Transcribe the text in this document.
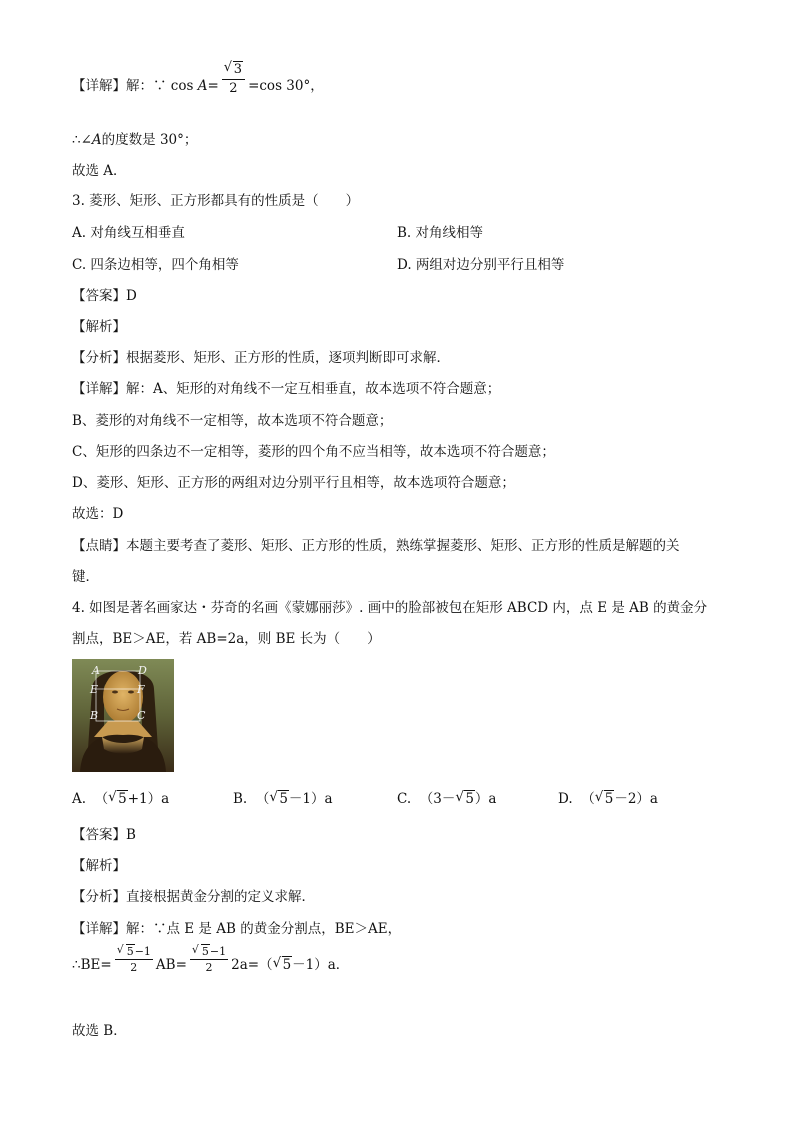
【详解】解：∵ $\cos A= \frac{√ 3}{2} =\cos$ 30°，
∴∠A的度数是 30°；
故选 A．
3. 菱形、矩形、正方形都具有的性质是（　　）
A. 对角线互相垂直	B. 对角线相等
C. 四条边相等，四个角相等	D. 两组对边分别平行且相等
【答案】D
【解析】
【分析】根据菱形、矩形、正方形的性质，逐项判断即可求解．
【详解】解：A、矩形的对角线不一定互相垂直，故本选项不符合题意；
B、菱形的对角线不一定相等，故本选项不符合题意；
C、矩形的四条边不一定相等，菱形的四个角不应当相等，故本选项不符合题意；
D、菱形、矩形、正方形的两组对边分别平行且相等，故本选项符合题意；
故选：D
【点睛】本题主要考查了菱形、矩形、正方形的性质，熟练掌握菱形、矩形、正方形的性质是解题的关
键．
4. 如图是著名画家达・芬奇的名画《蒙娜丽莎》. 画中的脸部被包在矩形 ABCD 内，点 E 是 AB 的黄金分
割点，BE＞AE，若 AB=2a，则 BE 长为（　　）
A	D
E	F
B	C
A. （ √ 5+1）a	B. （ √ 5－1）a	C. （3－ √ 5）a	D. （ √ 5－2）a
【答案】B
【解析】
【分析】直接根据黄金分割的定义求解．
【详解】解：∵点 E 是 AB 的黄金分割点，BE＞AE，
∴BE= $\frac{√ 5-1}{2} AB= \frac{√ 5-1}{2} 2a=$（ √ 5－1）a．
故选 B．
